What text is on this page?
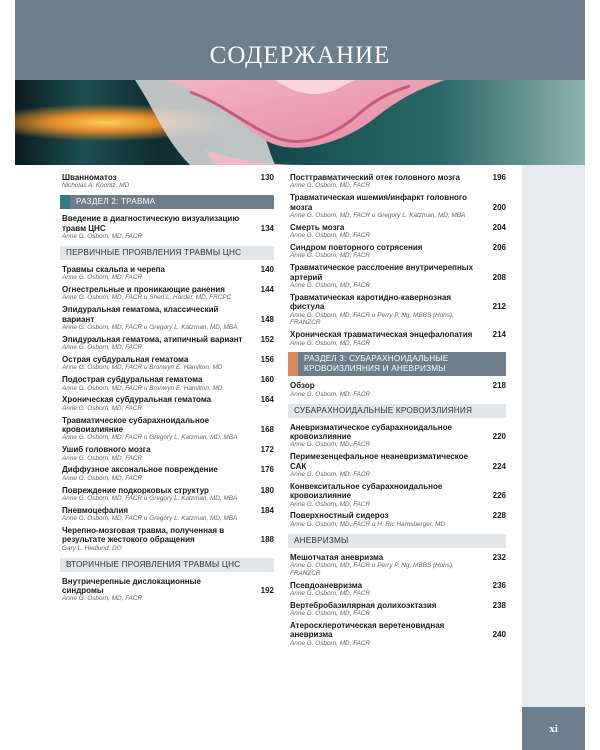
СОДЕРЖАНИЕ
xi
Шванноматоз
Nicholas A. Koontz, MD
130
РАЗДЕЛ 2: ТРАВМА
Введение в диагностическую визуализацию травм ЦНС
Anne G. Osborn, MD, FACR
134
ПЕРВИЧНЫЕ ПРОЯВЛЕНИЯ ТРАВМЫ ЦНС
Травмы скальпа и черепа
Anne G. Osborn, MD, FACR
140
Огнестрельные и проникающие ранения
Anne G. Osborn, MD, FACR и Sheri L. Harder, MD, FRCPC
144
Эпидуральная гематома, классический вариант
Anne G. Osborn, MD, FACR и Gregory L. Katzman, MD, MBA
148
Эпидуральная гематома, атипичный вариант
Anne G. Osborn, MD, FACR
152
Острая субдуральная гематома
Anne G. Osborn, MD, FACR и Bronwyn E. Hamilton, MD
156
Подострая субдуральная гематома
Anne G. Osborn, MD, FACR и Bronwyn E. Hamilton, MD
160
Хроническая субдуральная гематома
Anne G. Osborn, MD, FACR
164
Травматическое субарахноидальное кровоизлияние
Anne G. Osborn, MD, FACR и Gregory L. Katzman, MD, MBA
168
Ушиб головного мозга
Anne G. Osborn, MD, FACR
172
Диффузное аксональное повреждение
Anne G. Osborn, MD, FACR
176
Повреждение подкорковых структур
Anne G. Osborn, MD, FACR и Gregory L. Katzman, MD, MBA
180
Пневмоцефалия
Anne G. Osborn, MD, FACR и Gregory L. Katzman, MD, MBA
184
Черепно-мозговая травма, полученная в результате жестокого обращения
Gary L. Hedlund, DO
188
ВТОРИЧНЫЕ ПРОЯВЛЕНИЯ ТРАВМЫ ЦНС
Внутричерепные дислокационные синдромы
Anne G. Osborn, MD, FACR
192
Посттравматический отек головного мозга
Anne G. Osborn, MD, FACR
196
Травматическая ишемия/инфаркт головного мозга
Anne G. Osborn, MD, FACR и Gregory L. Katzman, MD, MBA
200
Смерть мозга
Anne G. Osborn, MD, FACR
204
Синдром повторного сотрясения
Anne G. Osborn, MD, FACR
206
Травматическое расслоение внутричерепных артерий
Anne G. Osborn, MD, FACR
208
Травматическая каротидно-кавернозная фистула
Anne G. Osborn, MD, FACR и Perry P. Ng, MBBS (Hons), FRANZCR
212
Хроническая травматическая энцефалопатия
Anne G. Osborn, MD, FACR
214
РАЗДЕЛ 3: СУБАРАХНОИДАЛЬНЫЕ КРОВОИЗЛИЯНИЯ И АНЕВРИЗМЫ
Обзор
Anne G. Osborn, MD, FACR
218
СУБАРАХНОИДАЛЬНЫЕ КРОВОИЗЛИЯНИЯ
Аневризматическое субарахноидальное кровоизлияние
Anne G. Osborn, MD, FACR
220
Перимезенцефальное неаневризматическое САК
Anne G. Osborn, MD, FACR
224
Конвекситальное субарахноидальное кровоизлияние
Anne G. Osborn, MD, FACR
226
Поверхностный сидероз
Anne G. Osborn, MD, FACR и H. Ric Harnsberger, MD
228
АНЕВРИЗМЫ
Мешотчатая аневризма
Anne G. Osborn, MD, FACR и Perry P. Ng, MBBS (Hons), FRANZCR
232
Псевдоаневризма
Anne G. Osborn, MD, FACR
236
Вертебробазилярная долихоэктазия
Anne G. Osborn, MD, FACR
238
Атеросклеротическая веретеновидная аневризма
Anne G. Osborn, MD, FACR
240
